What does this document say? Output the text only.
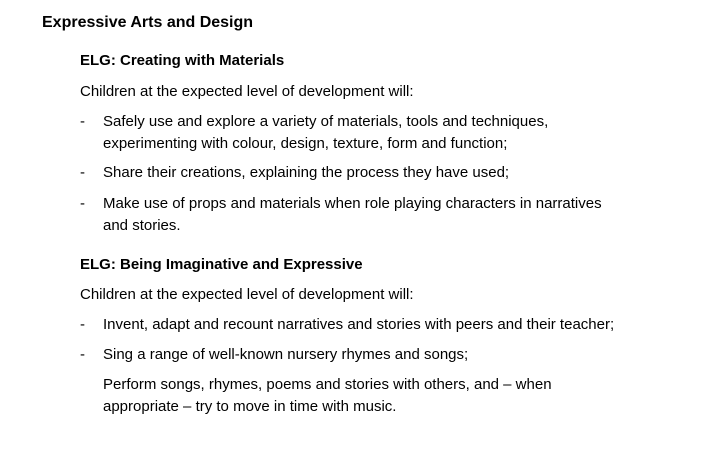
Expressive Arts and Design
ELG: Creating with Materials
Children at the expected level of development will:
-	Safely use and explore a variety of materials, tools and techniques,
experimenting with colour, design, texture, form and function;
-	Share their creations, explaining the process they have used;
-	Make use of props and materials when role playing characters in narratives
and stories.
ELG: Being Imaginative and Expressive
Children at the expected level of development will:
-	Invent, adapt and recount narratives and stories with peers and their teacher;
-	Sing a range of well-known nursery rhymes and songs;
Perform songs, rhymes, poems and stories with others, and – when
appropriate – try to move in time with music.
